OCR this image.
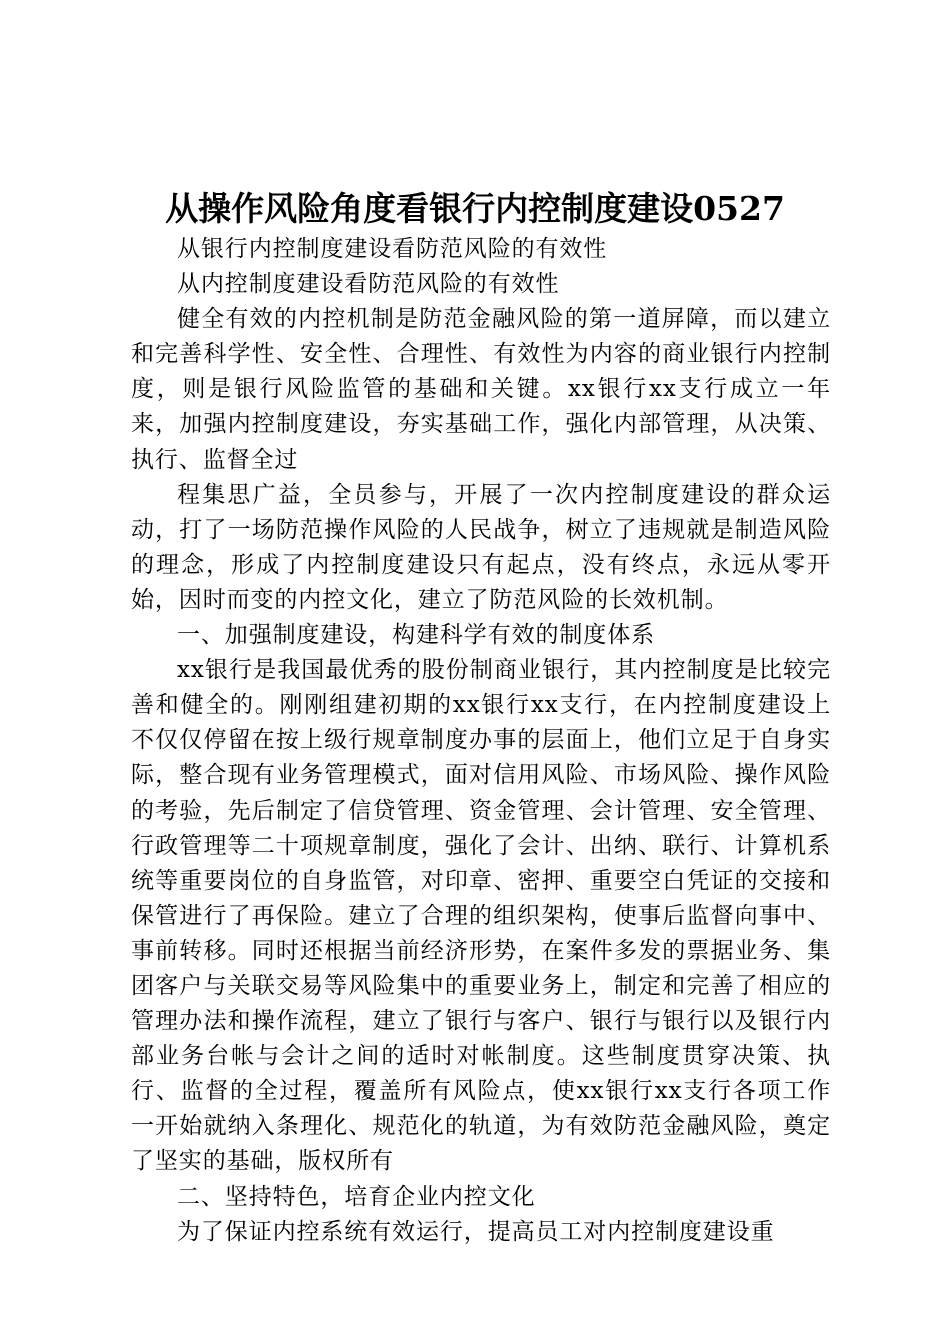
从操作风险角度看银行内控制度建设0527

从银行内控制度建设看防范风险的有效性

从内控制度建设看防范风险的有效性

健全有效的内控机制是防范金融风险的第一道屏障，而以建立和完善科学性、安全性、合理性、有效性为内容的商业银行内控制度，则是银行风险监管的基础和关键。xx银行xx支行成立一年来，加强内控制度建设，夯实基础工作，强化内部管理，从决策、执行、监督全过

程集思广益，全员参与，开展了一次内控制度建设的群众运动，打了一场防范操作风险的人民战争，树立了违规就是制造风险的理念，形成了内控制度建设只有起点，没有终点，永远从零开始，因时而变的内控文化，建立了防范风险的长效机制。

一、加强制度建设，构建科学有效的制度体系

xx银行是我国最优秀的股份制商业银行，其内控制度是比较完善和健全的。刚刚组建初期的xx银行xx支行，在内控制度建设上不仅仅停留在按上级行规章制度办事的层面上，他们立足于自身实际，整合现有业务管理模式，面对信用风险、市场风险、操作风险的考验，先后制定了信贷管理、资金管理、会计管理、安全管理、行政管理等二十项规章制度，强化了会计、出纳、联行、计算机系统等重要岗位的自身监管，对印章、密押、重要空白凭证的交接和保管进行了再保险。建立了合理的组织架构，使事后监督向事中、事前转移。同时还根据当前经济形势，在案件多发的票据业务、集团客户与关联交易等风险集中的重要业务上，制定和完善了相应的管理办法和操作流程，建立了银行与客户、银行与银行以及银行内部业务台帐与会计之间的适时对帐制度。这些制度贯穿决策、执行、监督的全过程，覆盖所有风险点，使xx银行xx支行各项工作一开始就纳入条理化、规范化的轨道，为有效防范金融风险，奠定了坚实的基础，版权所有

二、坚持特色，培育企业内控文化

为了保证内控系统有效运行，提高员工对内控制度建设重
